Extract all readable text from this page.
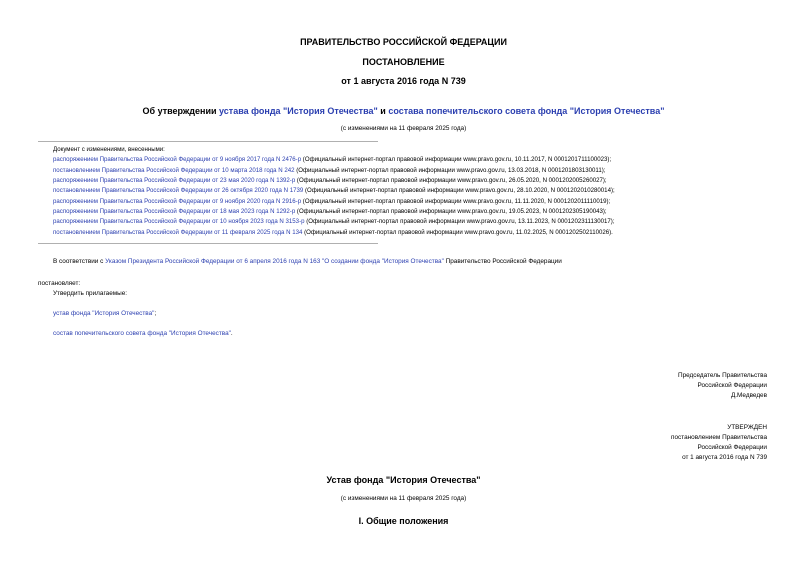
ПРАВИТЕЛЬСТВО РОССИЙСКОЙ ФЕДЕРАЦИИ
ПОСТАНОВЛЕНИЕ
от 1 августа 2016 года N 739
Об утверждении устава фонда "История Отечества" и состава попечительского совета фонда "История Отечества"
(с изменениями на 11 февраля 2025 года)
Документ с изменениями, внесенными:
распоряжением Правительства Российской Федерации от 9 ноября 2017 года N 2476-р (Официальный интернет-портал правовой информации www.pravo.gov.ru, 10.11.2017, N 0001201711100023);
постановлением Правительства Российской Федерации от 10 марта 2018 года N 242 (Официальный интернет-портал правовой информации www.pravo.gov.ru, 13.03.2018, N 0001201803130011);
распоряжением Правительства Российской Федерации от 23 мая 2020 года N 1392-р (Официальный интернет-портал правовой информации www.pravo.gov.ru, 26.05.2020, N 0001202005260027);
постановлением Правительства Российской Федерации от 26 октября 2020 года N 1739 (Официальный интернет-портал правовой информации www.pravo.gov.ru, 28.10.2020, N 0001202010280014);
распоряжением Правительства Российской Федерации от 9 ноября 2020 года N 2916-р (Официальный интернет-портал правовой информации www.pravo.gov.ru, 11.11.2020, N 0001202011110019);
распоряжением Правительства Российской Федерации от 18 мая 2023 года N 1292-р (Официальный интернет-портал правовой информации www.pravo.gov.ru, 19.05.2023, N 0001202305190043);
распоряжением Правительства Российской Федерации от 10 ноября 2023 года N 3153-р (Официальный интернет-портал правовой информации www.pravo.gov.ru, 13.11.2023, N 0001202311130017);
постановлением Правительства Российской Федерации от 11 февраля 2025 года N 134 (Официальный интернет-портал правовой информации www.pravo.gov.ru, 11.02.2025, N 0001202502110026).
В соответствии с Указом Президента Российской Федерации от 6 апреля 2016 года N 163 "О создании фонда "История Отечества" Правительство Российской Федерации
постановляет:
Утвердить прилагаемые:
устав фонда "История Отечества";
состав попечительского совета фонда "История Отечества".
Председатель Правительства
Российской Федерации
Д.Медведев
УТВЕРЖДЕН
постановлением Правительства
Российской Федерации
от 1 августа 2016 года N 739
Устав фонда "История Отечества"
(с изменениями на 11 февраля 2025 года)
I. Общие положения
